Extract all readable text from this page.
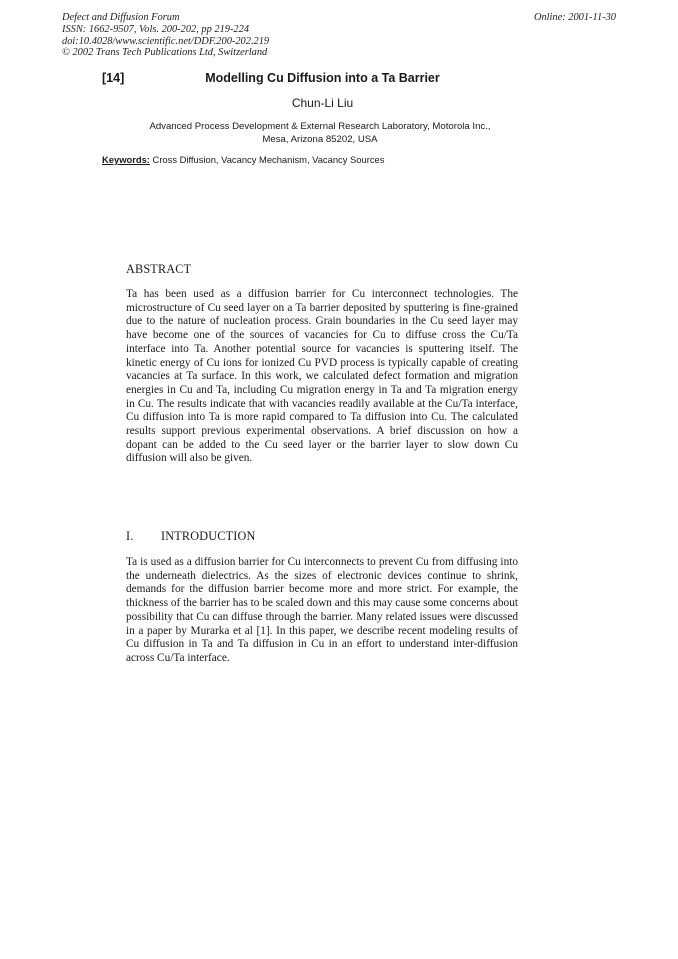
Defect and Diffusion Forum
ISSN: 1662-9507, Vols. 200-202, pp 219-224
doi:10.4028/www.scientific.net/DDF.200-202.219
© 2002 Trans Tech Publications Ltd, Switzerland
Online: 2001-11-30
Modelling Cu Diffusion into a Ta Barrier
[14]
Chun-Li Liu
Advanced Process Development & External Research Laboratory, Motorola Inc.,
Mesa, Arizona 85202, USA
Keywords: Cross Diffusion, Vacancy Mechanism, Vacancy Sources
ABSTRACT
Ta has been used as a diffusion barrier for Cu interconnect technologies. The microstructure of Cu seed layer on a Ta barrier deposited by sputtering is fine-grained due to the nature of nucleation process. Grain boundaries in the Cu seed layer may have become one of the sources of vacancies for Cu to diffuse cross the Cu/Ta interface into Ta. Another potential source for vacancies is sputtering itself. The kinetic energy of Cu ions for ionized Cu PVD process is typically capable of creating vacancies at Ta surface. In this work, we calculated defect formation and migration energies in Cu and Ta, including Cu migration energy in Ta and Ta migration energy in Cu. The results indicate that with vacancies readily available at the Cu/Ta interface, Cu diffusion into Ta is more rapid compared to Ta diffusion into Cu. The calculated results support previous experimental observations. A brief discussion on how a dopant can be added to the Cu seed layer or the barrier layer to slow down Cu diffusion will also be given.
I. INTRODUCTION
Ta is used as a diffusion barrier for Cu interconnects to prevent Cu from diffusing into the underneath dielectrics. As the sizes of electronic devices continue to shrink, demands for the diffusion barrier become more and more strict. For example, the thickness of the barrier has to be scaled down and this may cause some concerns about possibility that Cu can diffuse through the barrier. Many related issues were discussed in a paper by Murarka et al [1]. In this paper, we describe recent modeling results of Cu diffusion in Ta and Ta diffusion in Cu in an effort to understand inter-diffusion across Cu/Ta interface.
